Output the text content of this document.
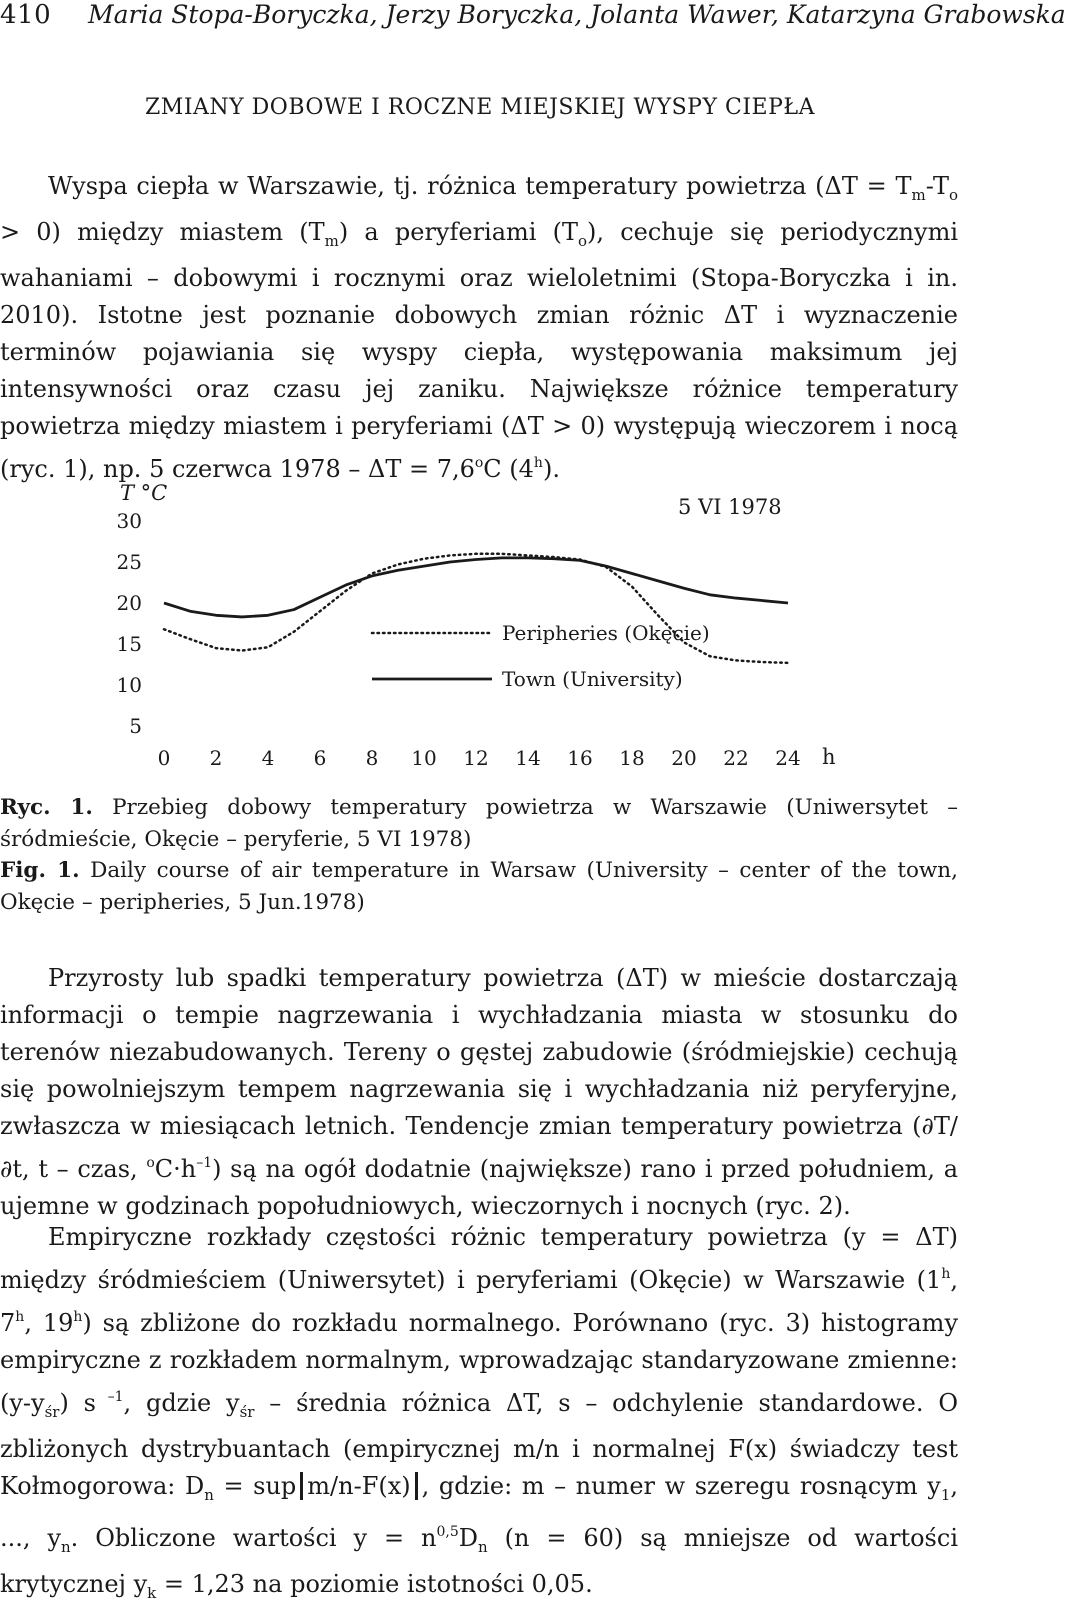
410 Maria Stopa-Boryczka, Jerzy Boryczka, Jolanta Wawer, Katarzyna Grabowska
ZMIANY DOBOWE I ROCZNE MIEJSKIEJ WYSPY CIEPŁA

Wyspa ciepła w Warszawie, tj. różnica temperatury powietrza $(\Delta T = T_m-T_o > 0)$ między miastem $(T_m)$ a peryferiami $(T_o)$, cechuje się periodycznymi wahaniami – dobowymi i rocznymi oraz wieloletnimi (Stopa-Boryczka i in. 2010). Istotne jest poznanie dobowych zmian różnic ΔT i wyznaczenie terminów pojawiania się wyspy ciepła, występowania maksimum jej intensywności oraz czasu jej zaniku. Największe różnice temperatury powietrza między miastem i peryferiami (ΔT > 0) występują wieczorem i nocą (ryc. 1), np. 5 czerwca $1978 - \Delta T = 7,6^oC$ (4$^h$).

T °C
5 VI 1978
h
5
10
15
20
25
30
0 2 4 6 8 10 12 14 16 18 20 22 24
Peripheries (Okęcie)
Town (University)
Ryc. 1. Przebieg dobowy temperatury powietrza w Warszawie (Uniwersytet – śródmieście, Okęcie – peryferie, 5 VI 1978)
Fig. 1. Daily course of air temperature in Warsaw (University – center of the town, Okęcie – peripheries, 5 Jun.1978)

Przyrosty lub spadki temperatury powietrza (ΔT) w mieście dostarczają informacji o tempie nagrzewania i wychładzania miasta w stosunku do terenów niezabudowanych. Tereny o gęstej zabudowie (śródmiejskie) cechują się powolniejszym tempem nagrzewania się i wychładzania niż peryferyjne, zwłaszcza w miesiącach letnich. Tendencje zmian temperatury powietrza (∂T/∂t, t – czas, $^oC\cdot h^{-1}$) są na ogół dodatnie (największe) rano i przed południem, a ujemne w godzinach popołudniowych, wieczornych i nocnych (ryc. 2).

Empiryczne rozkłady częstości różnic temperatury powietrza (y = ΔT) między śródmieściem (Uniwersytet) i peryferiami (Okęcie) w Warszawie (1$^h$, 7$^h$, 19$^h$) są zbliżone do rozkładu normalnego. Porównano (ryc. 3) histogramy empiryczne z rozkładem normalnym, wprowadzając standaryzowane zmienne: $(y-y_{śr})$ s $^{-1}$, gdzie $y_{śr}$ – średnia różnica ΔT, s – odchylenie standardowe. O zbliżonych dystrybuantach (empirycznej m/n i normalnej F(x) świadczy test Kołmogorowa: $D_n$ = sup m/n-F(x) , gdzie: m – numer w szeregu rosnącym $y_1$, ..., $y_n$. Obliczone wartości $y = n^{0,5}D_n$ (n = 60) są mniejsze od wartości krytycznej $y_k = 1,23$ na poziomie istotności 0,05.
